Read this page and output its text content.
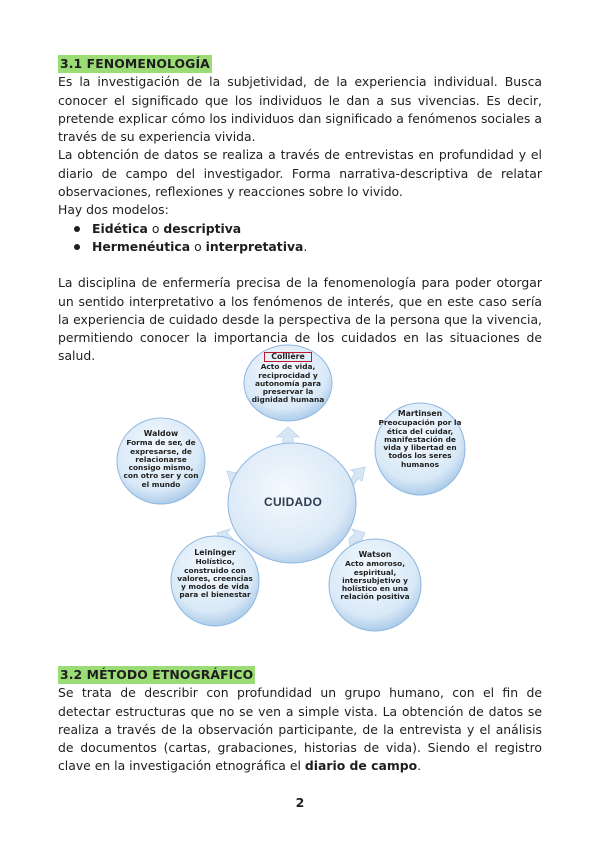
3.1 FENOMENOLOGÍA

Es la investigación de la subjetividad, de la experiencia individual. Busca conocer el significado que los individuos le dan a sus vivencias. Es decir, pretende explicar cómo los individuos dan significado a fenómenos sociales a través de su experiencia vivida.

La obtención de datos se realiza a través de entrevistas en profundidad y el diario de campo del investigador. Forma narrativa-descriptiva de relatar observaciones, reflexiones y reacciones sobre lo vivido.

Hay dos modelos:

Eidética o descriptiva
Hermenéutica o interpretativa.

La disciplina de enfermería precisa de la fenomenología para poder otorgar un sentido interpretativo a los fenómenos de interés, que en este caso sería la experiencia de cuidado desde la perspectiva de la persona que la vivencia, permitiendo conocer la importancia de los cuidados en las situaciones de salud.

CUIDADO
Collière
Acto de vida, reciprocidad y autonomía para preservar la dignidad humana
Martinsen
Preocupación por la ética del cuidar, manifestación de vida y libertad en todos los seres humanos
Watson
Acto amoroso, espiritual, intersubjetivo y holístico en una relación positiva
Leininger
Holístico, construido con valores, creencias y modos de vida para el bienestar
Waldow
Forma de ser, de expresarse, de relacionarse consigo mismo, con otro ser y con el mundo
3.2 MÉTODO ETNOGRÁFICO

Se trata de describir con profundidad un grupo humano, con el fin de detectar estructuras que no se ven a simple vista. La obtención de datos se realiza a través de la observación participante, de la entrevista y el análisis de documentos (cartas, grabaciones, historias de vida). Siendo el registro clave en la investigación etnográfica el diario de campo.

2
